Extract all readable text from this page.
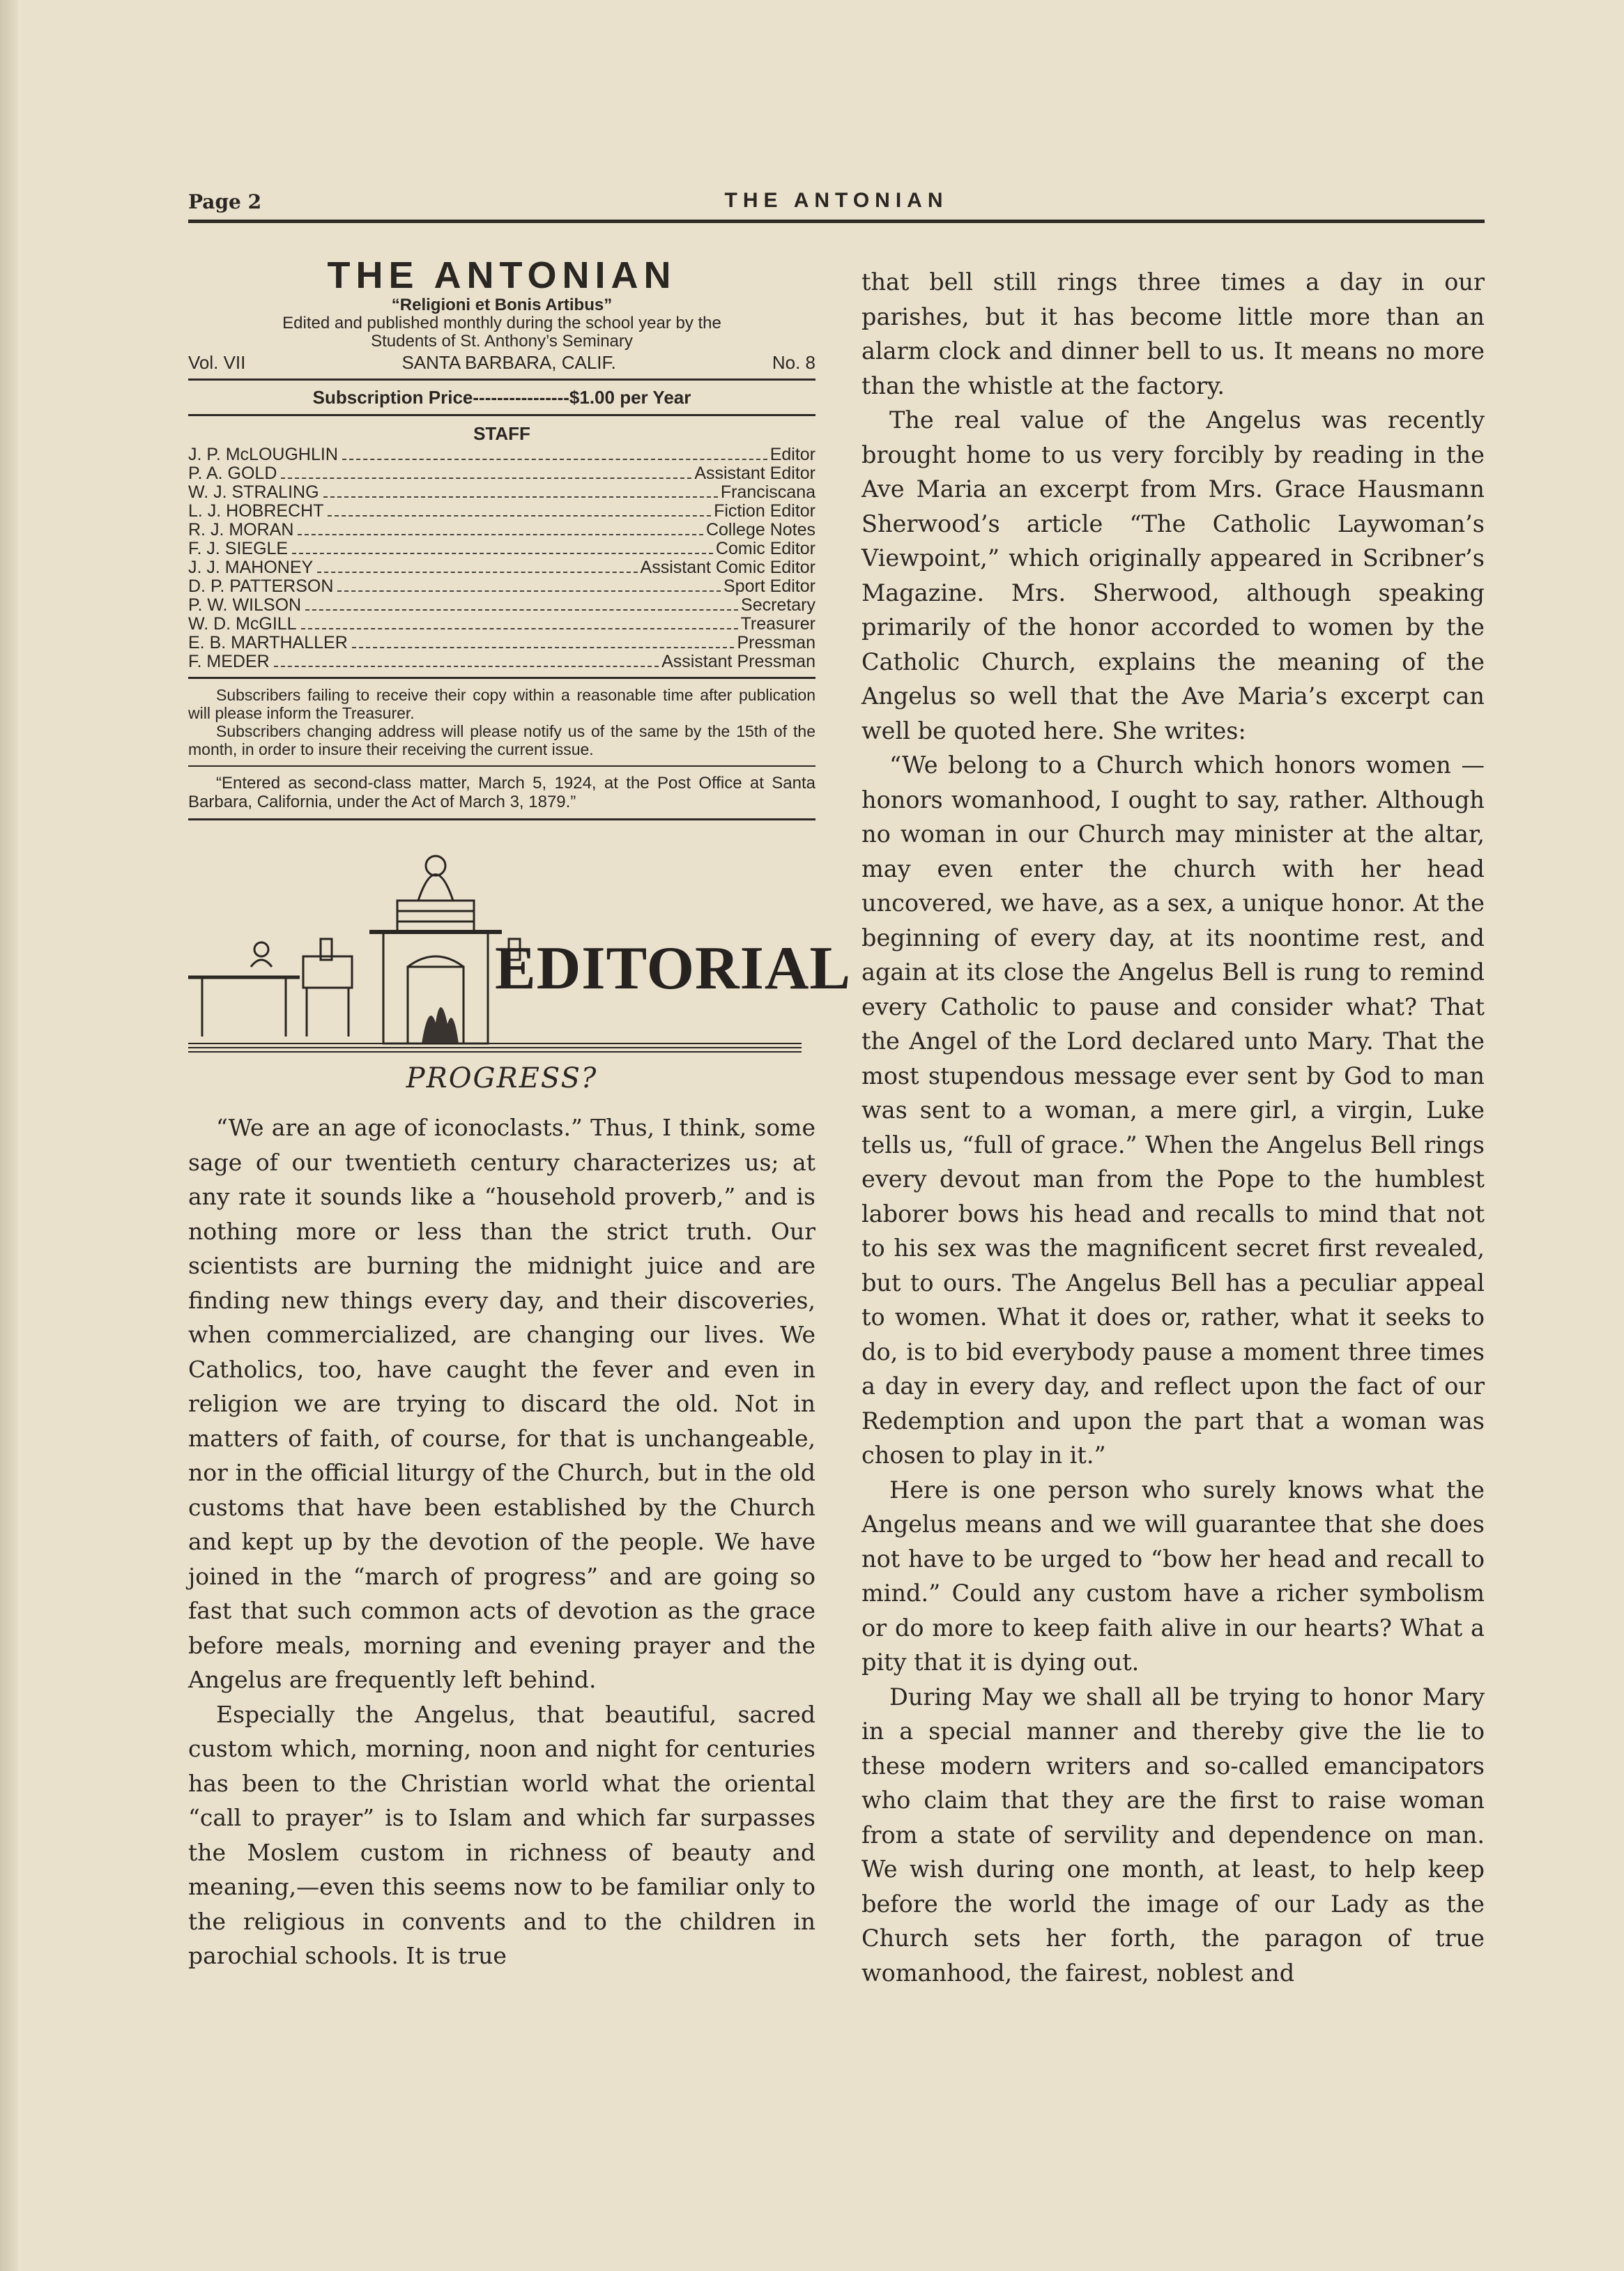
Page 2	THE ANTONIAN
THE ANTONIAN
“Religioni et Bonis Artibus”
Edited and published monthly during the school year by the
Students of St. Anthony’s Seminary
Vol. VII	SANTA BARBARA, CALIF.	No. 8
Subscription Price----------------$1.00 per Year
STAFF
J. P. McLOUGHLIN	Editor
P. A. GOLD	Assistant Editor
W. J. STRALING	Franciscana
L. J. HOBRECHT	Fiction Editor
R. J. MORAN	College Notes
F. J. SIEGLE	Comic Editor
J. J. MAHONEY	Assistant Comic Editor
D. P. PATTERSON	Sport Editor
P. W. WILSON	Secretary
W. D. McGILL	Treasurer
E. B. MARTHALLER	Pressman
F. MEDER	Assistant Pressman

Subscribers failing to receive their copy within a reasonable time after publication will please inform the Treasurer.

Subscribers changing address will please notify us of the same by the 15th of the month, in order to insure their receiving the current issue.

“Entered as second-class matter, March 5, 1924, at the Post Office at Santa Barbara, California, under the Act of March 3, 1879.”
EDITORIAL
PROGRESS?

“We are an age of iconoclasts.” Thus, I think, some sage of our twentieth century characterizes us; at any rate it sounds like a “household proverb,” and is nothing more or less than the strict truth. Our scientists are burning the midnight juice and are finding new things every day, and their discoveries, when commercialized, are changing our lives. We Catholics, too, have caught the fever and even in religion we are trying to discard the old. Not in matters of faith, of course, for that is unchangeable, nor in the official liturgy of the Church, but in the old customs that have been established by the Church and kept up by the devotion of the people. We have joined in the “march of progress” and are going so fast that such common acts of devotion as the grace before meals, morning and evening prayer and the Angelus are frequently left behind.

Especially the Angelus, that beautiful, sacred custom which, morning, noon and night for centuries has been to the Christian world what the oriental “call to prayer” is to Islam and which far surpasses the Moslem custom in richness of beauty and meaning,—even this seems now to be familiar only to the religious in convents and to the children in parochial schools. It is true

that bell still rings three times a day in our parishes, but it has become little more than an alarm clock and dinner bell to us. It means no more than the whistle at the factory.

The real value of the Angelus was recently brought home to us very forcibly by reading in the Ave Maria an excerpt from Mrs. Grace Hausmann Sherwood’s article “The Catholic Laywoman’s Viewpoint,” which originally appeared in Scribner’s Magazine. Mrs. Sherwood, although speaking primarily of the honor accorded to women by the Catholic Church, explains the meaning of the Angelus so well that the Ave Maria’s excerpt can well be quoted here. She writes:

“We belong to a Church which honors women —honors womanhood, I ought to say, rather. Although no woman in our Church may minister at the altar, may even enter the church with her head uncovered, we have, as a sex, a unique honor. At the beginning of every day, at its noontime rest, and again at its close the Angelus Bell is rung to remind every Catholic to pause and consider what? That the Angel of the Lord declared unto Mary. That the most stupendous message ever sent by God to man was sent to a woman, a mere girl, a virgin, Luke tells us, “full of grace.” When the Angelus Bell rings every devout man from the Pope to the humblest laborer bows his head and recalls to mind that not to his sex was the magnificent secret first revealed, but to ours. The Angelus Bell has a peculiar appeal to women. What it does or, rather, what it seeks to do, is to bid everybody pause a moment three times a day in every day, and reflect upon the fact of our Redemption and upon the part that a woman was chosen to play in it.”

Here is one person who surely knows what the Angelus means and we will guarantee that she does not have to be urged to “bow her head and recall to mind.” Could any custom have a richer symbolism or do more to keep faith alive in our hearts? What a pity that it is dying out.

During May we shall all be trying to honor Mary in a special manner and thereby give the lie to these modern writers and so-called emancipators who claim that they are the first to raise woman from a state of servility and dependence on man. We wish during one month, at least, to help keep before the world the image of our Lady as the Church sets her forth, the paragon of true womanhood, the fairest, noblest and
